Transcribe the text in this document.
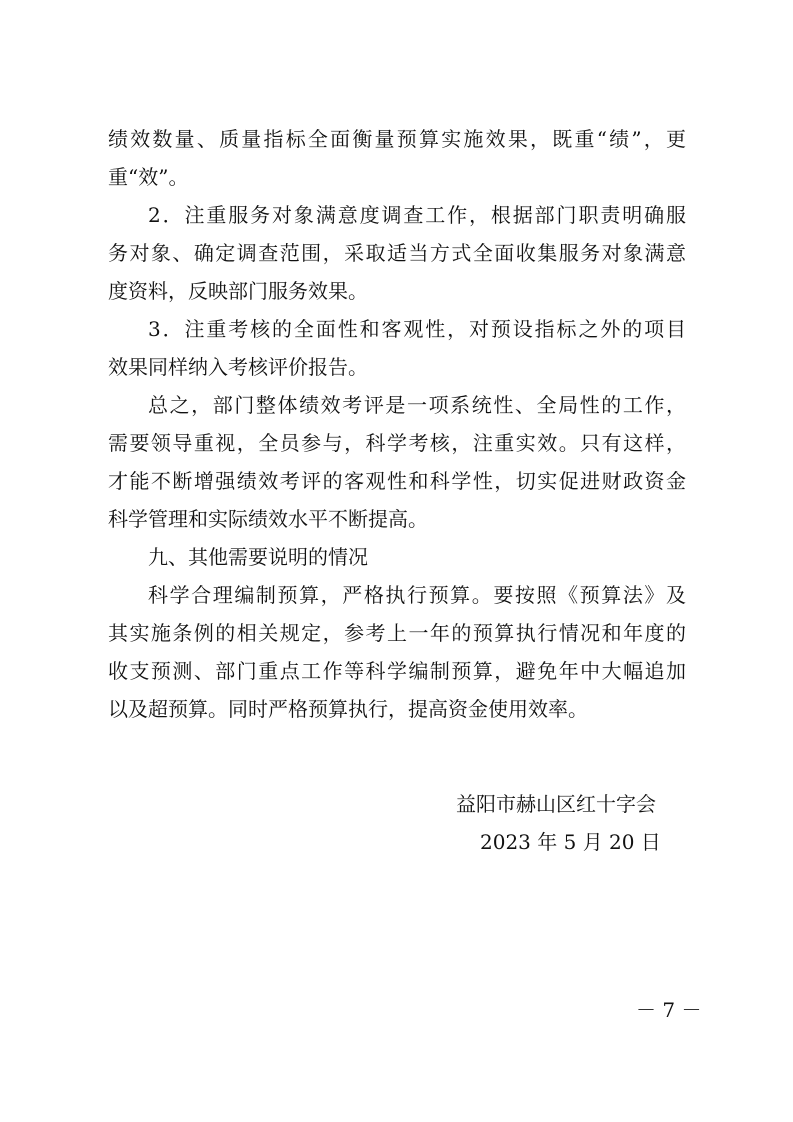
绩效数量、质量指标全面衡量预算实施效果，既重“绩”，更
重“效”。
2．注重服务对象满意度调查工作，根据部门职责明确服
务对象、确定调查范围，采取适当方式全面收集服务对象满意
度资料，反映部门服务效果。
3．注重考核的全面性和客观性，对预设指标之外的项目
效果同样纳入考核评价报告。
总之，部门整体绩效考评是一项系统性、全局性的工作，
需要领导重视，全员参与，科学考核，注重实效。只有这样，
才能不断增强绩效考评的客观性和科学性，切实促进财政资金
科学管理和实际绩效水平不断提高。
九、其他需要说明的情况
科学合理编制预算，严格执行预算。要按照《预算法》及
其实施条例的相关规定，参考上一年的预算执行情况和年度的
收支预测、部门重点工作等科学编制预算，避免年中大幅追加
以及超预算。同时严格预算执行，提高资金使用效率。
益阳市赫山区红十字会
2023 年 5 月 20 日
－ 7 －
